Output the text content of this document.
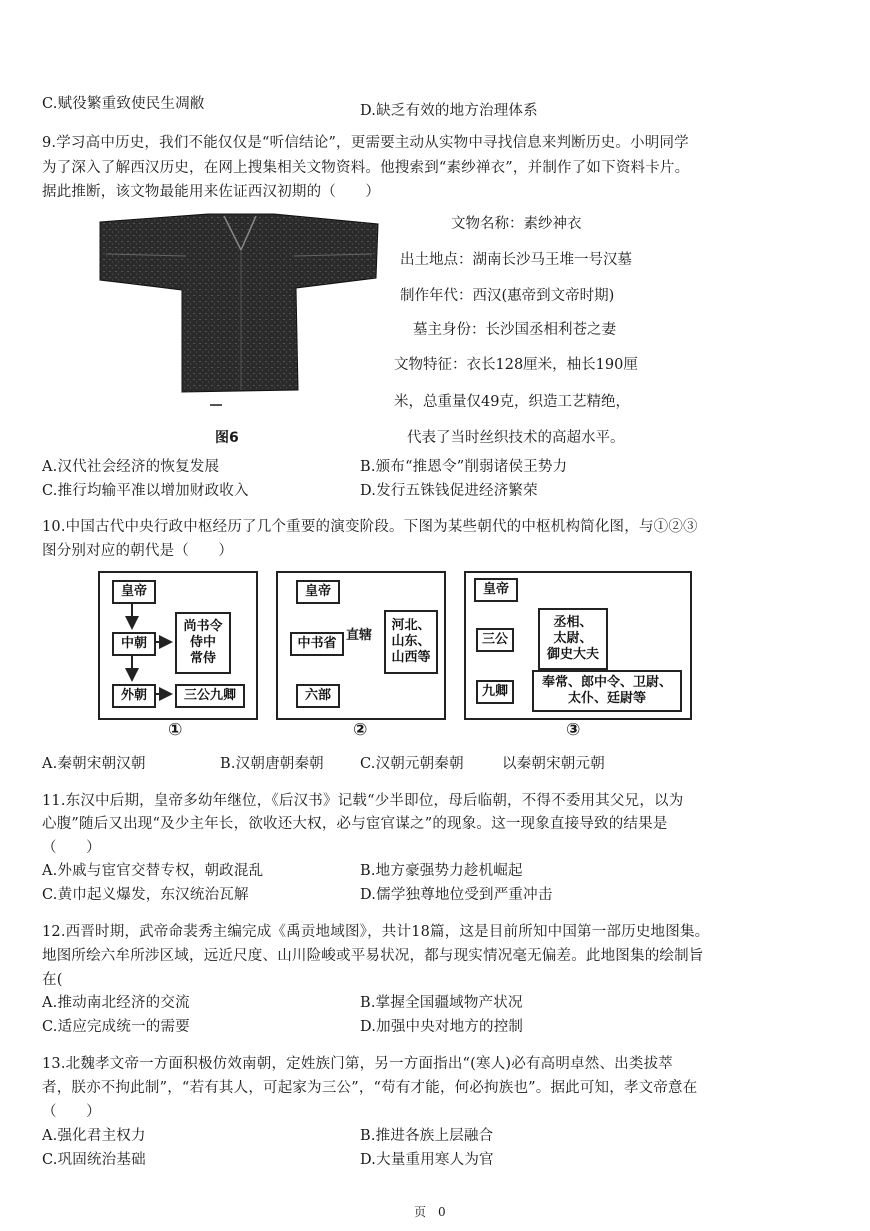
C.赋役繁重致使民生凋敝	D.缺乏有效的地方治理体系
9.学习高中历史，我们不能仅仅是“听信结论”，更需要主动从实物中寻找信息来判断历史。小明同学
为了深入了解西汉历史，在网上搜集相关文物资料。他搜索到“素纱禅衣”，并制作了如下资料卡片。
据此推断，该文物最能用来佐证西汉初期的（　　）
图6
文物名称：素纱神衣
出土地点：湖南长沙马王堆一号汉墓
制作年代：西汉(惠帝到文帝时期)
墓主身份：长沙国丞相利苍之妻
文物特征：衣长128厘米，柚长190厘
米，总重量仅49克，织造工艺精绝，
代表了当时丝织技术的高超水平。
A.汉代社会经济的恢复发展	B.颁布“推恩令”削弱诸侯王势力
C.推行均输平准以增加财政收入	D.发行五铢钱促进经济繁荣
10.中国古代中央行政中枢经历了几个重要的演变阶段。下图为某些朝代的中枢机构简化图，与①②③
图分别对应的朝代是（　　）
皇帝
中朝
尚书令
侍中
常侍
外朝	三公九卿
①
皇帝
中书省
直辖
河北、
山东、
山西等
六部
②
皇帝
三公
丞相、
太尉、
御史大夫
九卿
奉常、郎中令、卫尉、
太仆、廷尉等
③
A.秦朝宋朝汉朝	B.汉朝唐朝秦朝 C.汉朝元朝秦朝	以秦朝宋朝元朝
11.东汉中后期，皇帝多幼年继位，《后汉书》记载“少半即位，母后临朝，不得不委用其父兄，以为
心腹”随后又出现“及少主年长，欲收还大权，必与宦官谋之”的现象。这一现象直接导致的结果是
（　　）
A.外戚与宦官交替专权，朝政混乱	B.地方豪强势力趁机崛起
C.黄巾起义爆发，东汉统治瓦解	D.儒学独尊地位受到严重冲击
12.西晋时期，武帝命裴秀主编完成《禹贡地域图》，共计18篇，这是目前所知中国第一部历史地图集。
地图所绘六牟所涉区域，远近尺度、山川险峻或平易状况，都与现实情况毫无偏差。此地图集的绘制旨
在(
A.推动南北经济的交流	B.掌握全国疆域物产状况
C.适应完成统一的需要	D.加强中央对地方的控制
13.北魏孝文帝一方面积极仿效南朝，定姓族门第，另一方面指出“(寒人)必有高明卓然、出类拔萃
者，朕亦不拘此制”，“若有其人，可起家为三公”，“苟有才能，何必拘族也”。据此可知，孝文帝意在
（　　）
A.强化君主权力	B.推进各族上层融合
C.巩固统治基础	D.大量重用寒人为官
页　0
